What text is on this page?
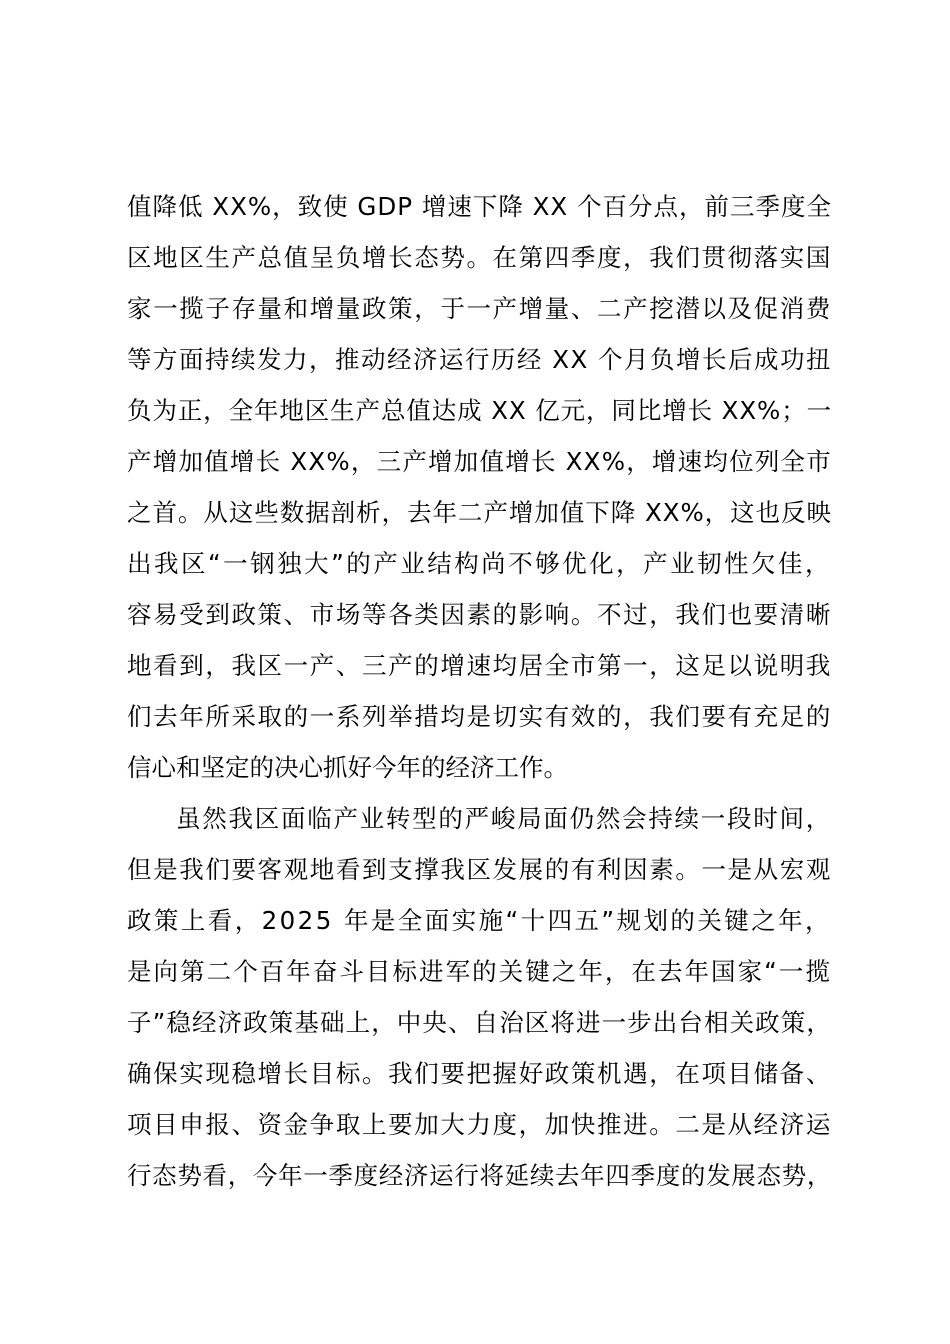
值降低 XX%，致使 GDP 增速下降 XX 个百分点，前三季度全
区地区生产总值呈负增长态势。在第四季度，我们贯彻落实国
家一揽子存量和增量政策，于一产增量、二产挖潜以及促消费
等方面持续发力，推动经济运行历经 XX 个月负增长后成功扭
负为正，全年地区生产总值达成 XX 亿元，同比增长 XX%；一
产增加值增长 XX%，三产增加值增长 XX%，增速均位列全市
之首。从这些数据剖析，去年二产增加值下降 XX%，这也反映
出我区“一钢独大”的产业结构尚不够优化，产业韧性欠佳，
容易受到政策、市场等各类因素的影响。不过，我们也要清晰
地看到，我区一产、三产的增速均居全市第一，这足以说明我
们去年所采取的一系列举措均是切实有效的，我们要有充足的
信心和坚定的决心抓好今年的经济工作。
虽然我区面临产业转型的严峻局面仍然会持续一段时间，
但是我们要客观地看到支撑我区发展的有利因素。一是从宏观
政策上看，2025 年是全面实施“十四五”规划的关键之年，
是向第二个百年奋斗目标进军的关键之年，在去年国家“一揽
子”稳经济政策基础上，中央、自治区将进一步出台相关政策，
确保实现稳增长目标。我们要把握好政策机遇，在项目储备、
项目申报、资金争取上要加大力度，加快推进。二是从经济运
行态势看，今年一季度经济运行将延续去年四季度的发展态势，
